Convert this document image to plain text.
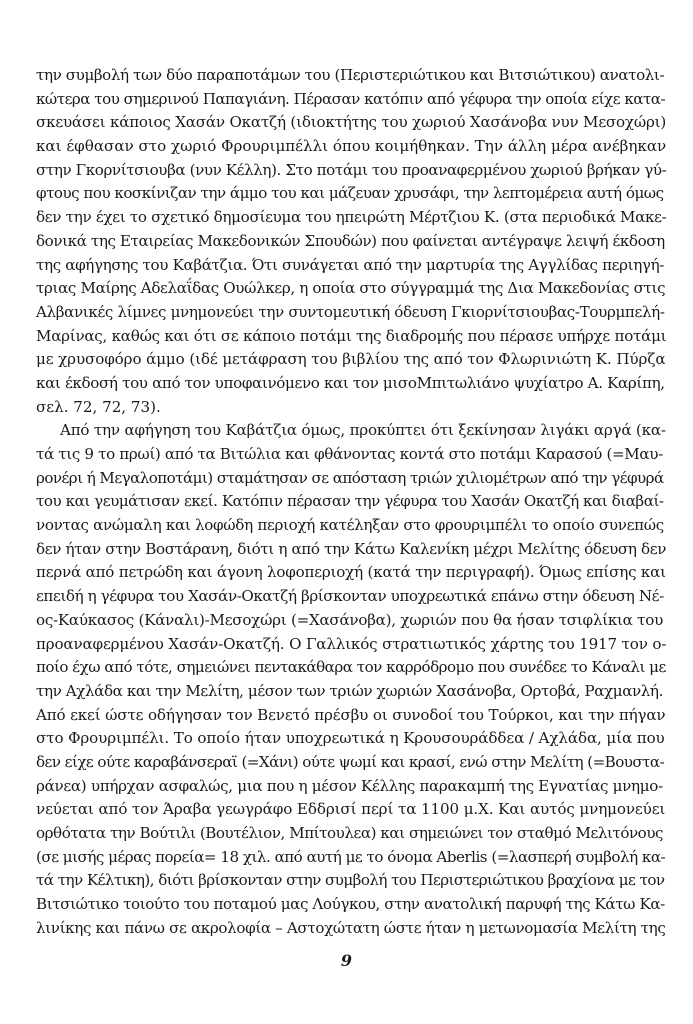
την συμβολή των δύο παραποτάμων του (Περιστεριώτικου και Βιτσιώτικου) ανατολι-
κώτερα του σημερινού Παπαγιάνη. Πέρασαν κατόπιν από γέφυρα την οποία είχε κατα-
σκευάσει κάποιος Χασάν Οκατζή (ιδιοκτήτης του χωριού Χασάνοβα νυν Μεσοχώρι)
και έφθασαν στο χωριό Φρουριμπέλλι όπου κοιμήθηκαν. Την άλλη μέρα ανέβηκαν
στην Γκορνίτσιουβα (νυν Κέλλη). Στο ποτάμι του προαναφερμένου χωριού βρήκαν γύ-
φτους που κοσκίνιζαν την άμμο του και μάζευαν χρυσάφι, την λεπτομέρεια αυτή όμως
δεν την έχει το σχετικό δημοσίευμα του ηπειρώτη Μέρτζιου Κ. (στα περιοδικά Μακε-
δονικά της Εταιρείας Μακεδονικών Σπουδών) που φαίνεται αντέγραψε λειψή έκδοση
της αφήγησης του Καβάτζια. Ότι συνάγεται από την μαρτυρία της Αγγλίδας περιηγή-
τριας Μαίρης Αδελαΐδας Ουώλκερ, η οποία στο σύγγραμμά της Δια Μακεδονίας στις
Αλβανικές λίμνες μνημονεύει την συντομευτική όδευση Γκιορνίτσιουβας-Τουρμπελή-
Μαρίνας, καθώς και ότι σε κάποιο ποτάμι της διαδρομής που πέρασε υπήρχε ποτάμι
με χρυσοφόρο άμμο (ιδέ μετάφραση του βιβλίου της από τον Φλωρινιώτη Κ. Πύρζα
και έκδοσή του από τον υποφαινόμενο και τον μισοΜπιτωλιάνο ψυχίατρο Α. Καρίπη,
σελ. 72, 72, 73).
Από την αφήγηση του Καβάτζια όμως, προκύπτει ότι ξεκίνησαν λιγάκι αργά (κα-
τά τις 9 το πρωί) από τα Βιτώλια και φθάνοντας κοντά στο ποτάμι Καρασού (=Μαυ-
ρονέρι ή Μεγαλοποτάμι) σταμάτησαν σε απόσταση τριών χιλιομέτρων από την γέφυρά
του και γευμάτισαν εκεί. Κατόπιν πέρασαν την γέφυρα του Χασάν Οκατζή και διαβαί-
νοντας ανώμαλη και λοφώδη περιοχή κατέληξαν στο φρουριμπέλι το οποίο συνεπώς
δεν ήταν στην Βοστάρανη, διότι η από την Κάτω Καλενίκη μέχρι Μελίτης όδευση δεν
περνά από πετρώδη και άγονη λοφοπεριοχή (κατά την περιγραφή). Όμως επίσης και
επειδή η γέφυρα του Χασάν-Οκατζή βρίσκονταν υποχρεωτικά επάνω στην όδευση Νέ-
ος-Καύκασος (Κάναλι)-Μεσοχώρι (=Χασάνοβα), χωριών που θα ήσαν τσιφλίκια του
προαναφερμένου Χασάν-Οκατζή. Ο Γαλλικός στρατιωτικός χάρτης του 1917 τον ο-
ποίο έχω από τότε, σημειώνει πεντακάθαρα τον καρρόδρομο που συνέδεε το Κάναλι με
την Αχλάδα και την Μελίτη, μέσον των τριών χωριών Χασάνοβα, Ορτοβά, Ραχμανλή.
Από εκεί ώστε οδήγησαν τον Βενετό πρέσβυ οι συνοδοί του Τούρκοι, και την πήγαν
στο Φρουριμπέλι. Το οποίο ήταν υποχρεωτικά η Κρουσουράδδεα / Αχλάδα, μία που
δεν είχε ούτε καραβάνσεραϊ (=Χάνι) ούτε ψωμί και κρασί, ενώ στην Μελίτη (=Βουστα-
ράνεα) υπήρχαν ασφαλώς, μια που η μέσον Κέλλης παρακαμπή της Εγνατίας μνημο-
νεύεται από τον Άραβα γεωγράφο Εδδρισί περί τα 1100 μ.Χ. Και αυτός μνημονεύει
ορθότατα την Βούτιλι (Βουτέλιον, Μπίτουλεα) και σημειώνει τον σταθμό Μελιτόνους
(σε μισής μέρας πορεία= 18 χιλ. από αυτή με το όνομα Aberlis (=λασπερή συμβολή κα-
τά την Κέλτικη), διότι βρίσκονταν στην συμβολή του Περιστεριώτικου βραχίονα με τον
Βιτσιώτικο τοιούτο του ποταμού μας Λούγκου, στην ανατολική παρυφή της Κάτω Κα-
λινίκης και πάνω σε ακρολοφία – Αστοχώτατη ώστε ήταν η μετωνομασία Μελίτη της
9
